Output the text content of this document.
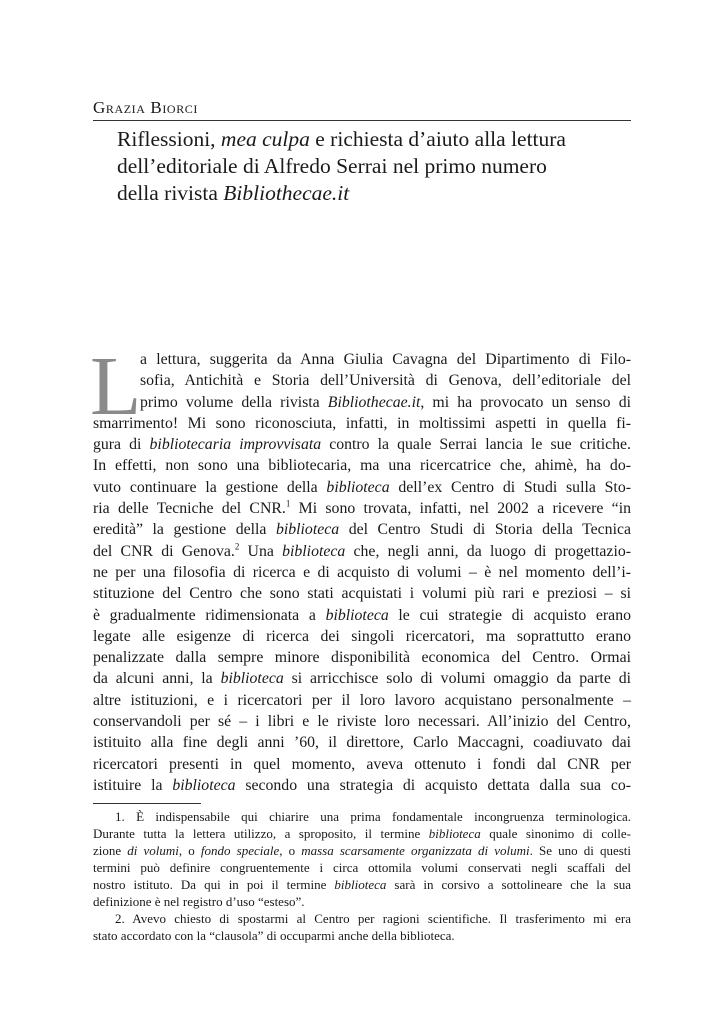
Grazia Biorci
Riflessioni, mea culpa e richiesta d’aiuto alla lettura
dell’editoriale di Alfredo Serrai nel primo numero
della rivista Bibliothecae.it
L
a lettura, suggerita da Anna Giulia Cavagna del Dipartimento di Filo-
sofia, Antichità e Storia dell’Università di Genova, dell’editoriale del
primo volume della rivista Bibliothecae.it, mi ha provocato un senso di
smarrimento! Mi sono riconosciuta, infatti, in moltissimi aspetti in quella fi-
gura di bibliotecaria improvvisata contro la quale Serrai lancia le sue critiche.
In effetti, non sono una bibliotecaria, ma una ricercatrice che, ahimè, ha do-
vuto continuare la gestione della biblioteca dell’ex Centro di Studi sulla Sto-
ria delle Tecniche del CNR.$^1$ Mi sono trovata, infatti, nel 2002 a ricevere “in
eredità” la gestione della biblioteca del Centro Studi di Storia della Tecnica
del CNR di Genova.$^2$ Una biblioteca che, negli anni, da luogo di progettazio-
ne per una filosofia di ricerca e di acquisto di volumi – è nel momento dell’i-
stituzione del Centro che sono stati acquistati i volumi più rari e preziosi – si
è gradualmente ridimensionata a biblioteca le cui strategie di acquisto erano
legate alle esigenze di ricerca dei singoli ricercatori, ma soprattutto erano
penalizzate dalla sempre minore disponibilità economica del Centro. Ormai
da alcuni anni, la biblioteca si arricchisce solo di volumi omaggio da parte di
altre istituzioni, e i ricercatori per il loro lavoro acquistano personalmente –
conservandoli per sé – i libri e le riviste loro necessari. All’inizio del Centro,
istituito alla fine degli anni ’60, il direttore, Carlo Maccagni, coadiuvato dai
ricercatori presenti in quel momento, aveva ottenuto i fondi dal CNR per
istituire la biblioteca secondo una strategia di acquisto dettata dalla sua co-
1. È indispensabile qui chiarire una prima fondamentale incongruenza terminologica.
Durante tutta la lettera utilizzo, a sproposito, il termine biblioteca quale sinonimo di colle-
zione di volumi, o fondo speciale, o massa scarsamente organizzata di volumi. Se uno di questi
termini può definire congruentemente i circa ottomila volumi conservati negli scaffali del
nostro istituto. Da qui in poi il termine biblioteca sarà in corsivo a sottolineare che la sua
definizione è nel registro d’uso “esteso”.
2. Avevo chiesto di spostarmi al Centro per ragioni scientifiche. Il trasferimento mi era
stato accordato con la “clausola” di occuparmi anche della biblioteca.
